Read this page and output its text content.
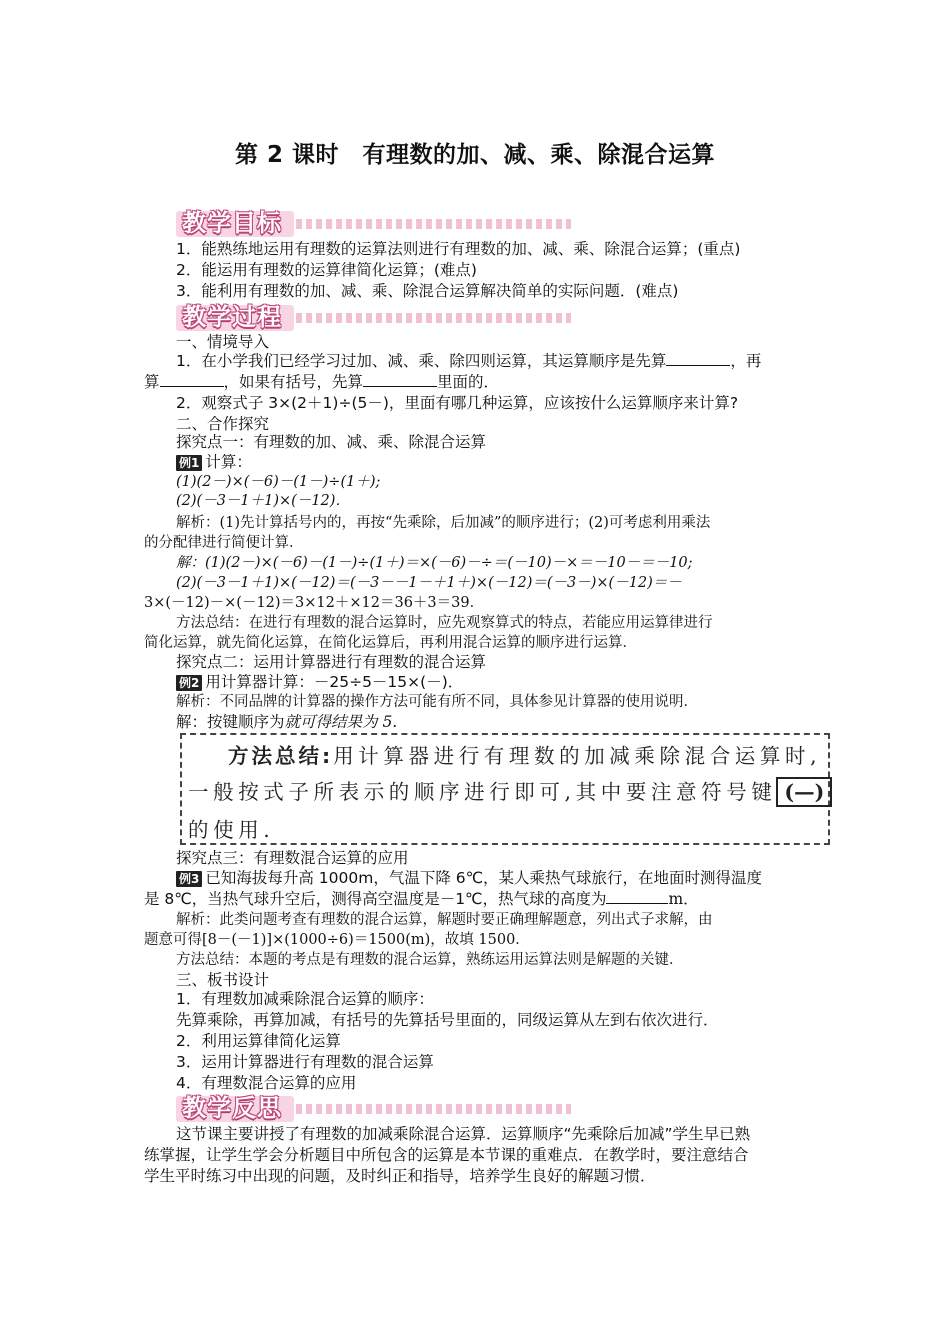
第 2 课时　有理数的加、减、乘、除混合运算
教学目标
1．能熟练地运用有理数的运算法则进行有理数的加、减、乘、除混合运算；(重点)
2．能运用有理数的运算律简化运算；(难点)
3．能利用有理数的加、减、乘、除混合运算解决简单的实际问题．(难点)
教学过程
一、情境导入
1．在小学我们已经学习过加、减、乘、除四则运算，其运算顺序是先算	，再
算	，如果有括号，先算	里面的．
2．观察式子 3×(2＋1)÷(5－)，里面有哪几种运算，应该按什么运算顺序来计算?
二、合作探究
探究点一：有理数的加、减、乘、除混合运算
例1 计算：
(1)(2－)×(－6)－(1－)÷(1＋);
(2)(－3－1＋1)×(－12)．
解析：(1)先计算括号内的，再按“先乘除，后加减”的顺序进行；(2)可考虑利用乘法
的分配律进行简便计算．
解：(1)(2－)×(－6)－(1－)÷(1＋)＝×(－6)－÷＝(－10)－×＝－10－＝－10;
(2)(－3－1＋1)×(－12)＝(－3－－1－＋1＋)×(－12)＝(－3－)×(－12)＝－
3×(－12)－×(－12)＝3×12＋×12＝36＋3＝39．
方法总结：在进行有理数的混合运算时，应先观察算式的特点，若能应用运算律进行
简化运算，就先简化运算，在简化运算后，再利用混合运算的顺序进行运算．
探究点二：运用计算器进行有理数的混合运算
例2 用计算器计算：－25÷5－15×(－)．
解析：不同品牌的计算器的操作方法可能有所不同，具体参见计算器的使用说明．
解：按键顺序为就可得结果为 5.
方法总结:用计算器进行有理数的加减乘除混合运算时,
一般按式子所表示的顺序进行即可,其中要注意符号键 (—)
的使用.
探究点三：有理数混合运算的应用
例3 已知海拔每升高 1000m，气温下降 6℃，某人乘热气球旅行，在地面时测得温度
是 8℃，当热气球升空后，测得高空温度是－1℃，热气球的高度为	m．
解析：此类问题考查有理数的混合运算，解题时要正确理解题意，列出式子求解，由
题意可得[8－(－1)]×(1000÷6)＝1500(m)，故填 1500．
方法总结：本题的考点是有理数的混合运算，熟练运用运算法则是解题的关键．
三、板书设计
1．有理数加减乘除混合运算的顺序：
先算乘除，再算加减，有括号的先算括号里面的，同级运算从左到右依次进行．
2．利用运算律简化运算
3．运用计算器进行有理数的混合运算
4．有理数混合运算的应用
教学反思
这节课主要讲授了有理数的加减乘除混合运算．运算顺序“先乘除后加减”学生早已熟
练掌握，让学生学会分析题目中所包含的运算是本节课的重难点．在教学时，要注意结合
学生平时练习中出现的问题，及时纠正和指导，培养学生良好的解题习惯．
